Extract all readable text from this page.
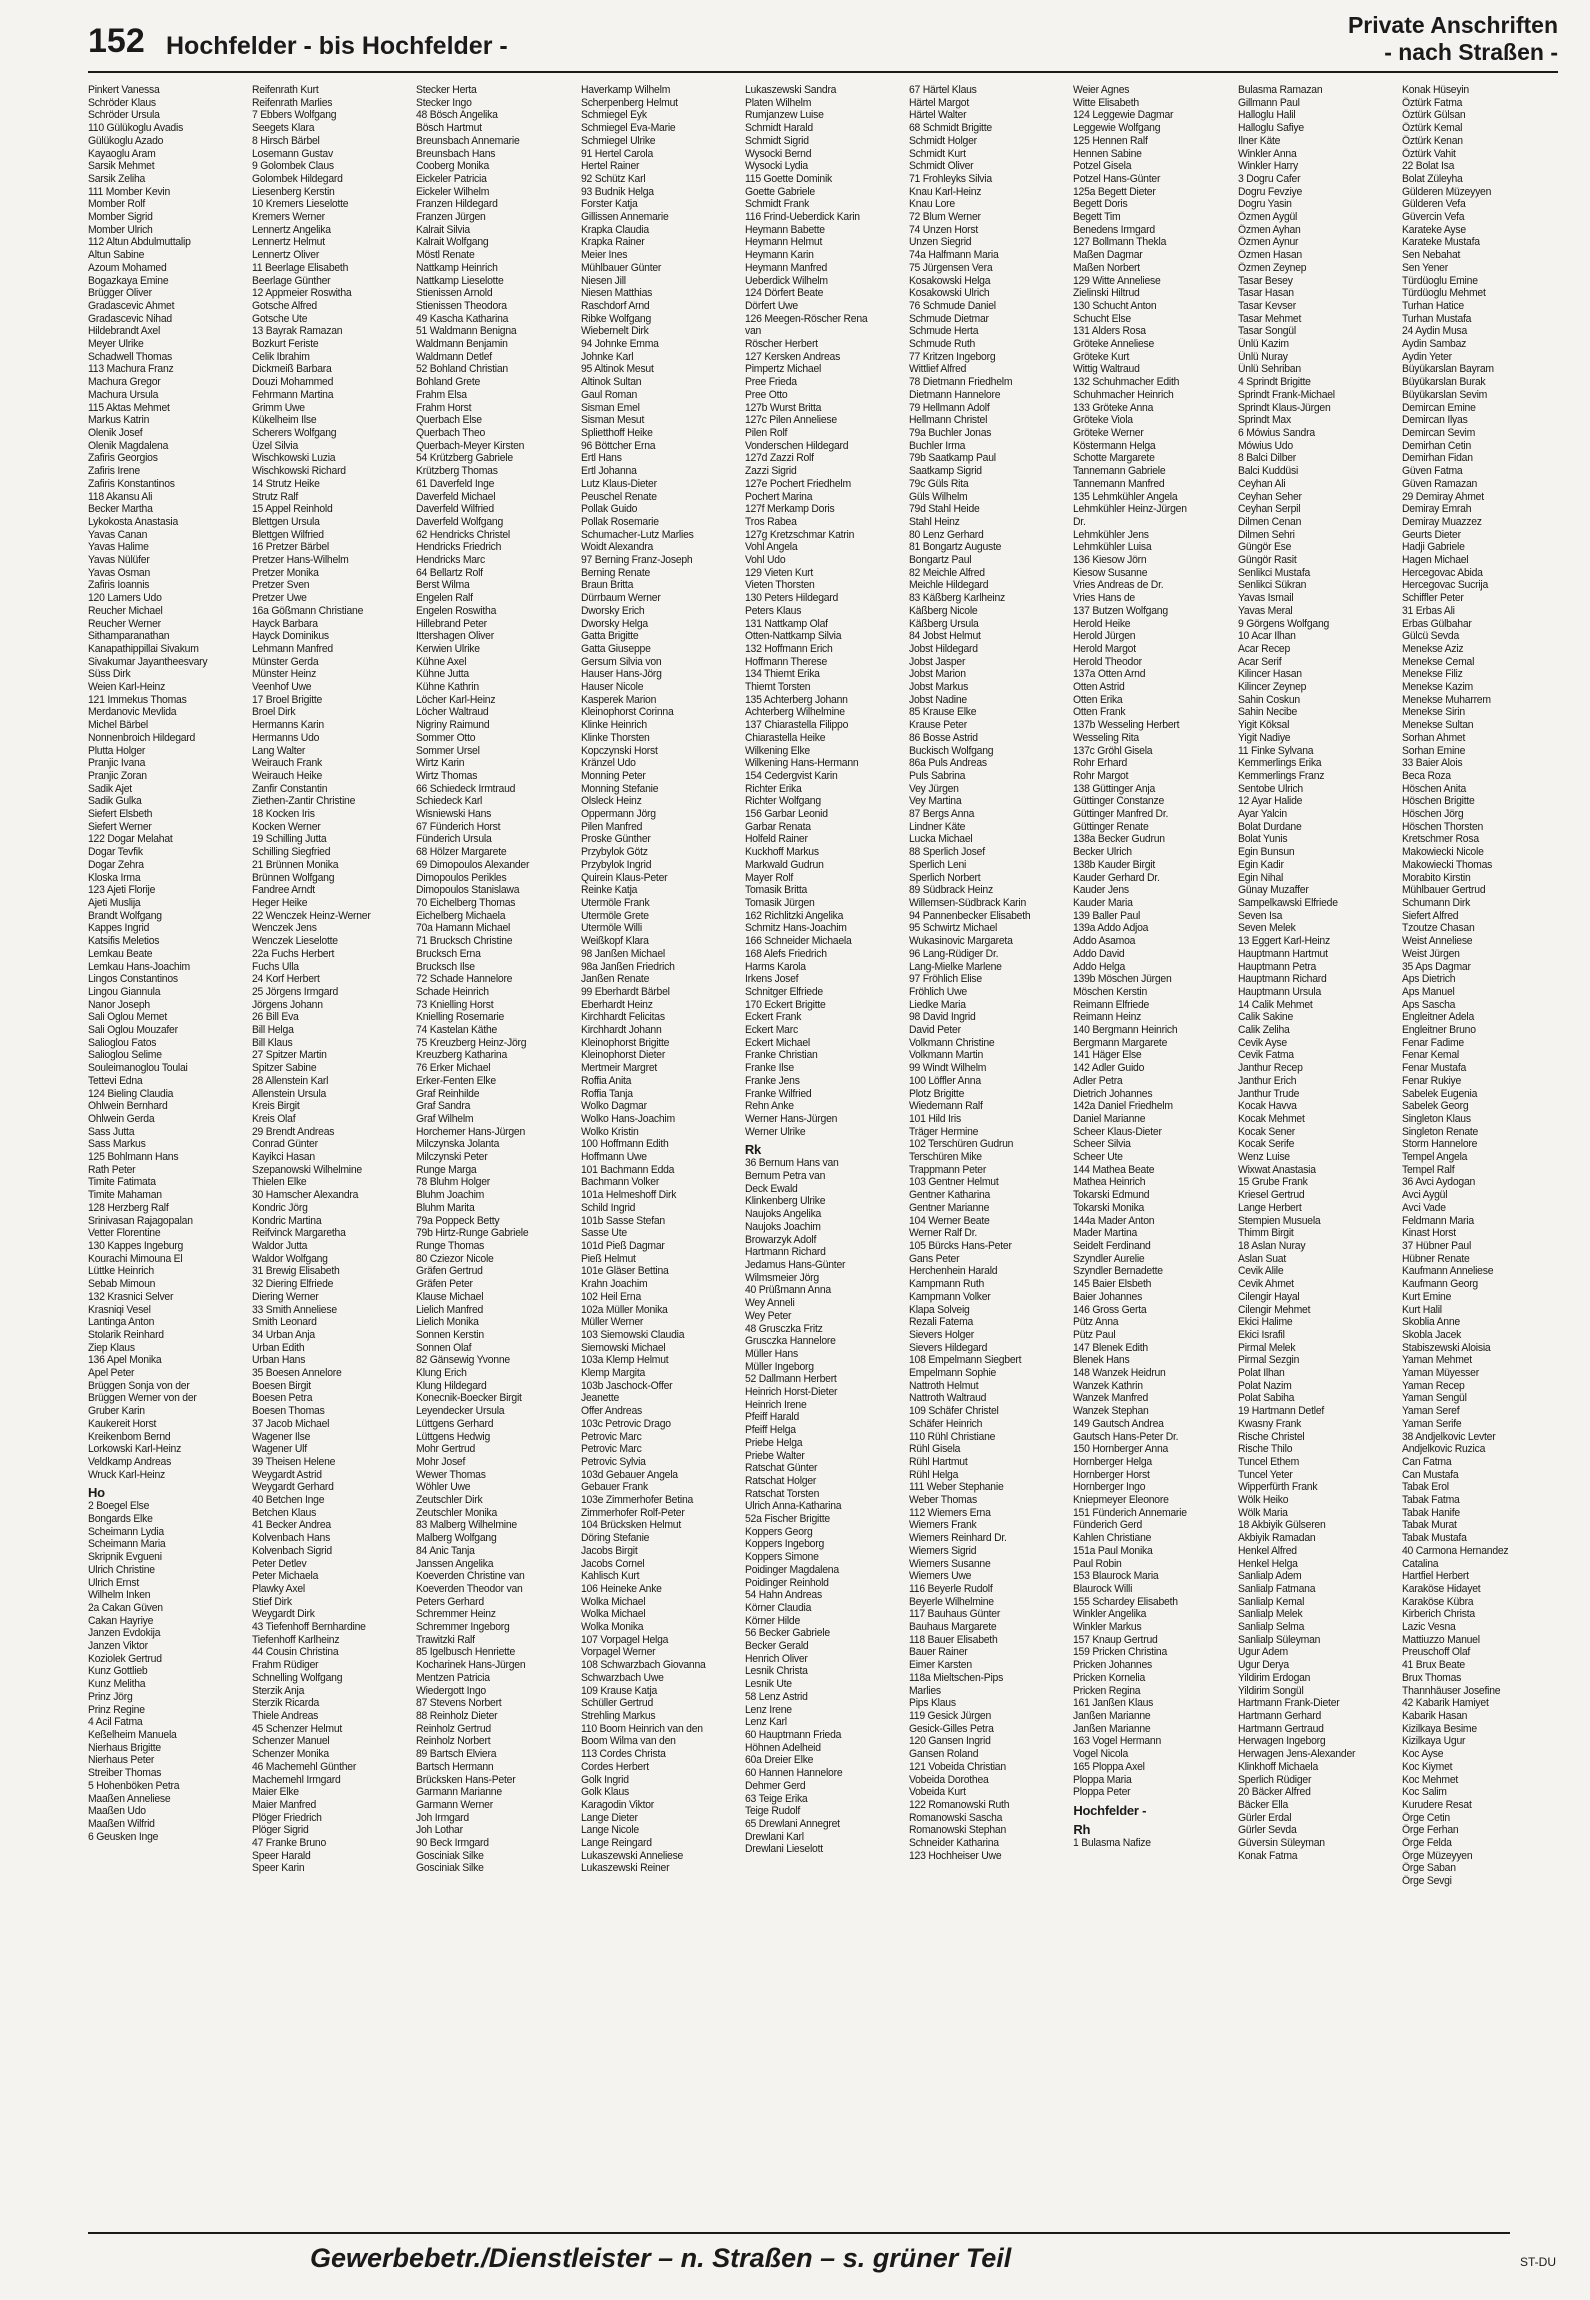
152 Hochfelder - bis Hochfelder -
Private Anschriften
- nach Straßen -
Pinkert Vanessa
Schröder Klaus
Schröder Ursula
110 Gülükoglu Avadis
Gülükoglu Azado
Kayaoglu Aram
Sarsik Mehmet
Sarsik Zeliha
111 Momber Kevin
Momber Rolf
Momber Sigrid
Momber Ulrich
112 Altun Abdulmuttalip
Altun Sabine
Azoum Mohamed
Bogazkaya Emine
Brügger Oliver
Gradascevic Ahmet
Gradascevic Nihad
Hildebrandt Axel
Meyer Ulrike
Schadwell Thomas
113 Machura Franz
Machura Gregor
Machura Ursula
115 Aktas Mehmet
Markus Katrin
Olenik Josef
Olenik Magdalena
Zafiris Georgios
Zafiris Irene
Zafiris Konstantinos
118 Akansu Ali
Becker Martha
Lykokosta Anastasia
Yavas Canan
Yavas Halime
Yavas Nülüfer
Yavas Osman
Zafiris Ioannis
120 Lamers Udo
Reucher Michael
Reucher Werner
Sithamparanathan
Kanapathippillai Sivakum
Sivakumar Jayantheesvary
Süss Dirk
Weien Karl-Heinz
121 Immekus Thomas
Merdanovic Mevlida
Michel Bärbel
Nonnenbroich Hildegard
Plutta Holger
Pranjic Ivana
Pranjic Zoran
Sadik Ajet
Sadik Gulka
Siefert Elsbeth
Siefert Werner
122 Dogar Melahat
Dogar Tevfik
Dogar Zehra
Kloska Irma
123 Ajeti Florije
Ajeti Muslija
Brandt Wolfgang
Kappes Ingrid
Katsifis Meletios
Lemkau Beate
Lemkau Hans-Joachim
Lingos Constantinos
Lingou Giannula
Nanor Joseph
Sali Oglou Memet
Sali Oglou Mouzafer
Salioglou Fatos
Salioglou Selime
Souleimanoglou Toulai
Tettevi Edna
124 Bieling Claudia
Ohlwein Bernhard
Ohlwein Gerda
Sass Jutta
Sass Markus
125 Bohlmann Hans
Rath Peter
Timite Fatimata
Timite Mahaman
128 Herzberg Ralf
Srinivasan Rajagopalan
Vetter Florentine
130 Kappes Ingeburg
Kourachi Mimouna El
Lüttke Heinrich
Sebab Mimoun
132 Krasnici Selver
Krasniqi Vesel
Lantinga Anton
Stolarik Reinhard
Ziep Klaus
136 Apel Monika
Apel Peter
Brüggen Sonja von der
Brüggen Werner von der
Gruber Karin
Kaukereit Horst
Kreikenbom Bernd
Lorkowski Karl-Heinz
Veldkamp Andreas
Wruck Karl-Heinz
Ho
2 Boegel Else
Bongards Elke
Scheimann Lydia
Scheimann Maria
Skripnik Evgueni
Ulrich Christine
Ulrich Ernst
Wilhelm Inken
2a Cakan Güven
Cakan Hayriye
Janzen Evdokija
Janzen Viktor
Koziolek Gertrud
Kunz Gottlieb
Kunz Melitha
Prinz Jörg
Prinz Regine
4 Acil Fatma
Keßelheim Manuela
Nierhaus Brigitte
Nierhaus Peter
Streiber Thomas
5 Hohenböken Petra
Maaßen Anneliese
Maaßen Udo
Maaßen Wilfrid
6 Geusken Inge
Reifenrath Kurt
Reifenrath Marlies
7 Ebbers Wolfgang
Seegets Klara
8 Hirsch Bärbel
Losemann Gustav
9 Golombek Claus
Golombek Hildegard
Liesenberg Kerstin
10 Kremers Lieselotte
Kremers Werner
Lennertz Angelika
Lennertz Helmut
Lennertz Oliver
11 Beerlage Elisabeth
Beerlage Günther
12 Appmeier Roswitha
Gotsche Alfred
Gotsche Ute
13 Bayrak Ramazan
Bozkurt Feriste
Celik Ibrahim
Dickmeiß Barbara
Douzi Mohammed
Fehrmann Martina
Grimm Uwe
Kükelheim Ilse
Scherers Wolfgang
Üzel Silvia
Wischkowski Luzia
Wischkowski Richard
14 Strutz Heike
Strutz Ralf
15 Appel Reinhold
Blettgen Ursula
Blettgen Wilfried
16 Pretzer Bärbel
Pretzer Hans-Wilhelm
Pretzer Monika
Pretzer Sven
Pretzer Uwe
16a Gößmann Christiane
Hayck Barbara
Hayck Dominikus
Lehmann Manfred
Münster Gerda
Münster Heinz
Veenhof Uwe
17 Broel Brigitte
Broel Dirk
Hermanns Karin
Hermanns Udo
Lang Walter
Weirauch Frank
Weirauch Heike
Zanfir Constantin
Ziethen-Zantir Christine
18 Kocken Iris
Kocken Werner
19 Schilling Jutta
Schilling Siegfried
21 Brünnen Monika
Brünnen Wolfgang
Fandree Arndt
Heger Heike
22 Wenczek Heinz-Werner
Wenczek Jens
Wenczek Lieselotte
22a Fuchs Herbert
Fuchs Ulla
24 Korf Herbert
25 Jörgens Irmgard
Jörgens Johann
26 Bill Eva
Bill Helga
Bill Klaus
27 Spitzer Martin
Spitzer Sabine
28 Allenstein Karl
Allenstein Ursula
Kreis Birgit
Kreis Olaf
29 Brendt Andreas
Conrad Günter
Kayikci Hasan
Szepanowski Wilhelmine
Thielen Elke
30 Hamscher Alexandra
Kondric Jörg
Kondric Martina
Reifvinck Margaretha
Waldor Jutta
Waldor Wolfgang
31 Brewig Elisabeth
32 Diering Elfriede
Diering Werner
33 Smith Anneliese
Smith Leonard
34 Urban Anja
Urban Edith
Urban Hans
35 Boesen Annelore
Boesen Birgit
Boesen Petra
Boesen Thomas
37 Jacob Michael
Wagener Ilse
Wagener Ulf
39 Theisen Helene
Weygardt Astrid
Weygardt Gerhard
40 Betchen Inge
Betchen Klaus
41 Becker Andrea
Kolvenbach Hans
Kolvenbach Sigrid
Peter Detlev
Peter Michaela
Plawky Axel
Stief Dirk
Weygardt Dirk
43 Tiefenhoff Bernhardine
Tiefenhoff Karlheinz
44 Cousin Christina
Frahm Rüdiger
Schnelling Wolfgang
Sterzik Anja
Sterzik Ricarda
Thiele Andreas
45 Schenzer Helmut
Schenzer Manuel
Schenzer Monika
46 Machemehl Günther
Machemehl Irmgard
Maier Elke
Maier Manfred
Plöger Friedrich
Plöger Sigrid
47 Franke Bruno
Speer Harald
Speer Karin
Stecker Herta
Stecker Ingo
48 Bösch Angelika
Bösch Hartmut
Breunsbach Annemarie
Breunsbach Hans
Cooberg Monika
Eickeler Patricia
Eickeler Wilhelm
Franzen Hildegard
Franzen Jürgen
Kalrait Silvia
Kalrait Wolfgang
Möstl Renate
Nattkamp Heinrich
Nattkamp Lieselotte
Stienissen Arnold
Stienissen Theodora
49 Kascha Katharina
51 Waldmann Benigna
Waldmann Benjamin
Waldmann Detlef
52 Bohland Christian
Bohland Grete
Frahm Elsa
Frahm Horst
Querbach Else
Querbach Theo
Querbach-Meyer Kirsten
54 Krützberg Gabriele
Krützberg Thomas
61 Daverfeld Inge
Daverfeld Michael
Daverfeld Wilfried
Daverfeld Wolfgang
62 Hendricks Christel
Hendricks Friedrich
Hendricks Marc
64 Bellartz Rolf
Berst Wilma
Engelen Ralf
Engelen Roswitha
Hillebrand Peter
Ittershagen Oliver
Kerwien Ulrike
Kühne Axel
Kühne Jutta
Kühne Kathrin
Löcher Karl-Heinz
Löcher Waltraud
Nigriny Raimund
Sommer Otto
Sommer Ursel
Wirtz Karin
Wirtz Thomas
66 Schiedeck Irmtraud
Schiedeck Karl
Wisniewski Hans
67 Fünderich Horst
Fünderich Ursula
68 Hölzer Margarete
69 Dimopoulos Alexander
Dimopoulos Perikles
Dimopoulos Stanislawa
70 Eichelberg Thomas
Eichelberg Michaela
70a Hamann Michael
71 Brucksch Christine
Brucksch Erna
Brucksch Ilse
72 Schade Hannelore
Schade Heinrich
73 Knielling Horst
Knielling Rosemarie
74 Kastelan Käthe
75 Kreuzberg Heinz-Jörg
Kreuzberg Katharina
76 Erker Michael
Erker-Fenten Elke
Graf Reinhilde
Graf Sandra
Graf Wilhelm
Horchemer Hans-Jürgen
Milczynska Jolanta
Milczynski Peter
Runge Marga
78 Bluhm Holger
Bluhm Joachim
Bluhm Marita
79a Poppeck Betty
79b Hirtz-Runge Gabriele
Runge Thomas
80 Cziezor Nicole
Gräfen Gertrud
Gräfen Peter
Klause Michael
Lielich Manfred
Lielich Monika
Sonnen Kerstin
Sonnen Olaf
82 Gänsewig Yvonne
Klung Erich
Klung Hildegard
Konecnik-Boecker Birgit
Leyendecker Ursula
Lüttgens Gerhard
Lüttgens Hedwig
Mohr Gertrud
Mohr Josef
Wewer Thomas
Wöhler Uwe
Zeutschler Dirk
Zeutschler Monika
83 Malberg Wilhelmine
Malberg Wolfgang
84 Anic Tanja
Janssen Angelika
Koeverden Christine van
Koeverden Theodor van
Peters Gerhard
Schremmer Heinz
Schremmer Ingeborg
Trawitzki Ralf
85 Igelbusch Henriette
Kocharinek Hans-Jürgen
Mentzen Patricia
Wiedergott Ingo
87 Stevens Norbert
88 Reinholz Dieter
Reinholz Gertrud
Reinholz Norbert
89 Bartsch Elviera
Bartsch Hermann
Brücksken Hans-Peter
Garmann Marianne
Garmann Werner
Joh Irmgard
Joh Lothar
90 Beck Irmgard
Gosciniak Silke
Gosciniak Silke
Haverkamp Wilhelm
Scherpenberg Helmut
Schmiegel Eyk
Schmiegel Eva-Marie
Schmiegel Ulrike
91 Hertel Carola
Hertel Rainer
92 Schütz Karl
93 Budnik Helga
Forster Katja
Gillissen Annemarie
Krapka Claudia
Krapka Rainer
Meier Ines
Mühlbauer Günter
Niesen Jill
Niesen Matthias
Raschdorf Arnd
Ribke Wolfgang
Wiebernelt Dirk
94 Johnke Emma
Johnke Karl
95 Altinok Mesut
Altinok Sultan
Gaul Roman
Sisman Emel
Sisman Mesut
Splietthoff Heike
96 Böttcher Erna
Ertl Hans
Ertl Johanna
Lutz Klaus-Dieter
Peuschel Renate
Pollak Guido
Pollak Rosemarie
Schumacher-Lutz Marlies
Woidt Alexandra
97 Berning Franz-Joseph
Berning Renate
Braun Britta
Dürrbaum Werner
Dworsky Erich
Dworsky Helga
Gatta Brigitte
Gatta Giuseppe
Gersum Silvia von
Hauser Hans-Jörg
Hauser Nicole
Kasperek Marion
Kleinophorst Corinna
Klinke Heinrich
Klinke Thorsten
Kopczynski Horst
Kränzel Udo
Monning Peter
Monning Stefanie
Olsleck Heinz
Oppermann Jörg
Pilen Manfred
Proske Günther
Przybylok Götz
Przybylok Ingrid
Quirein Klaus-Peter
Reinke Katja
Utermöle Frank
Utermöle Grete
Utermöle Willi
Weißkopf Klara
98 Janßen Michael
98a Janßen Friedrich
Janßen Renate
99 Eberhardt Bärbel
Eberhardt Heinz
Kirchhardt Felicitas
Kirchhardt Johann
Kleinophorst Brigitte
Kleinophorst Dieter
Mertmeir Margret
Roffia Anita
Roffia Tanja
Wolko Dagmar
Wolko Hans-Joachim
Wolko Kristin
100 Hoffmann Edith
Hoffmann Uwe
101 Bachmann Edda
Bachmann Volker
101a Helmeshoff Dirk
Schild Ingrid
101b Sasse Stefan
Sasse Ute
101d Pieß Dagmar
Pieß Helmut
101e Gläser Bettina
Krahn Joachim
102 Heil Erna
102a Müller Monika
Müller Werner
103 Siemowski Claudia
Siemowski Michael
103a Klemp Helmut
Klemp Margita
103b Jaschock-Offer
Jeanette
Offer Andreas
103c Petrovic Drago
Petrovic Marc
Petrovic Marc
Petrovic Sylvia
103d Gebauer Angela
Gebauer Frank
103e Zimmerhofer Betina
Zimmerhofer Rolf-Peter
104 Brücksken Helmut
Döring Stefanie
Jacobs Birgit
Jacobs Cornel
Kahlisch Kurt
106 Heineke Anke
Wolka Michael
Wolka Michael
Wolka Monika
107 Vorpagel Helga
Vorpagel Werner
108 Schwarzbach Giovanna
Schwarzbach Uwe
109 Krause Katja
Schüller Gertrud
Strehling Markus
110 Boom Heinrich van den
Boom Wilma van den
113 Cordes Christa
Cordes Herbert
Golk Ingrid
Golk Klaus
Karagodin Viktor
Lange Dieter
Lange Nicole
Lange Reingard
Lukaszewski Anneliese
Lukaszewski Reiner
Lukaszewski Sandra
Platen Wilhelm
Rumjanzew Luise
Schmidt Harald
Schmidt Sigrid
Wysocki Bernd
Wysocki Lydia
115 Goette Dominik
Goette Gabriele
Schmidt Frank
116 Frind-Ueberdick Karin
Heymann Babette
Heymann Helmut
Heymann Karin
Heymann Manfred
Ueberdick Wilhelm
124 Dörfert Beate
Dörfert Uwe
126 Meegen-Röscher Rena
van
Röscher Herbert
127 Kersken Andreas
Pimpertz Michael
Pree Frieda
Pree Otto
127b Wurst Britta
127c Pilen Anneliese
Pilen Rolf
Vonderschen Hildegard
127d Zazzi Rolf
Zazzi Sigrid
127e Pochert Friedhelm
Pochert Marina
127f Merkamp Doris
Tros Rabea
127g Kretzschmar Katrin
Vohl Angela
Vohl Udo
129 Vieten Kurt
Vieten Thorsten
130 Peters Hildegard
Peters Klaus
131 Nattkamp Olaf
Otten-Nattkamp Silvia
132 Hoffmann Erich
Hoffmann Therese
134 Thiemt Erika
Thiemt Torsten
135 Achterberg Johann
Achterberg Wilhelmine
137 Chiarastella Filippo
Chiarastella Heike
Wilkening Elke
Wilkening Hans-Hermann
154 Cedergvist Karin
Richter Erika
Richter Wolfgang
156 Garbar Leonid
Garbar Renata
Holfeld Rainer
Kuckhoff Markus
Markwald Gudrun
Mayer Rolf
Tomasik Britta
Tomasik Jürgen
162 Richlitzki Angelika
Schmitz Hans-Joachim
166 Schneider Michaela
168 Alefs Friedrich
Harms Karola
Irkens Josef
Schnitger Elfriede
170 Eckert Brigitte
Eckert Frank
Eckert Marc
Eckert Michael
Franke Christian
Franke Ilse
Franke Jens
Franke Wilfried
Rehn Anke
Werner Hans-Jürgen
Werner Ulrike
Rk
36 Bernum Hans van
Bernum Petra van
Deck Ewald
Klinkenberg Ulrike
Naujoks Angelika
Naujoks Joachim
Browarzyk Adolf
Hartmann Richard
Jedamus Hans-Günter
Wilmsmeier Jörg
40 Prüßmann Anna
Wey Anneli
Wey Peter
48 Grusczka Fritz
Grusczka Hannelore
Müller Hans
Müller Ingeborg
52 Dallmann Herbert
Heinrich Horst-Dieter
Heinrich Irene
Pfeiff Harald
Pfeiff Helga
Priebe Helga
Priebe Walter
Ratschat Günter
Ratschat Holger
Ratschat Torsten
Ulrich Anna-Katharina
52a Fischer Brigitte
Koppers Georg
Koppers Ingeborg
Koppers Simone
Poidinger Magdalena
Poidinger Reinhold
54 Hahn Andreas
Körner Claudia
Körner Hilde
56 Becker Gabriele
Becker Gerald
Henrich Oliver
Lesnik Christa
Lesnik Ute
58 Lenz Astrid
Lenz Irene
Lenz Karl
60 Hauptmann Frieda
Höhnen Adelheid
60a Dreier Elke
60 Hannen Hannelore
Dehmer Gerd
63 Teige Erika
Teige Rudolf
65 Drewlani Annegret
Drewlani Karl
Drewlani Lieselott
67 Härtel Klaus
Härtel Margot
Härtel Walter
68 Schmidt Brigitte
Schmidt Holger
Schmidt Kurt
Schmidt Oliver
71 Frohleyks Silvia
Knau Karl-Heinz
Knau Lore
72 Blum Werner
74 Unzen Horst
Unzen Siegrid
74a Halfmann Maria
75 Jürgensen Vera
Kosakowski Helga
Kosakowski Ulrich
76 Schmude Daniel
Schmude Dietmar
Schmude Herta
Schmude Ruth
77 Kritzen Ingeborg
Wittlief Alfred
78 Dietmann Friedhelm
Dietmann Hannelore
79 Hellmann Adolf
Hellmann Christel
79a Buchler Jonas
Buchler Irma
79b Saatkamp Paul
Saatkamp Sigrid
79c Güls Rita
Güls Wilhelm
79d Stahl Heide
Stahl Heinz
80 Lenz Gerhard
81 Bongartz Auguste
Bongartz Paul
82 Meichle Alfred
Meichle Hildegard
83 Käßberg Karlheinz
Käßberg Nicole
Käßberg Ursula
84 Jobst Helmut
Jobst Hildegard
Jobst Jasper
Jobst Marion
Jobst Markus
Jobst Nadine
85 Krause Elke
Krause Peter
86 Bosse Astrid
Buckisch Wolfgang
86a Puls Andreas
Puls Sabrina
Vey Jürgen
Vey Martina
87 Bergs Anna
Lindner Käte
Lucka Michael
88 Sperlich Josef
Sperlich Leni
Sperlich Norbert
89 Südbrack Heinz
Willemsen-Südbrack Karin
94 Pannenbecker Elisabeth
95 Schwirtz Michael
Wukasinovic Margareta
96 Lang-Rüdiger Dr.
Lang-Mielke Marlene
97 Fröhlich Elise
Fröhlich Uwe
Liedke Maria
98 David Ingrid
David Peter
Volkmann Christine
Volkmann Martin
99 Windt Wilhelm
100 Löffler Anna
Plotz Brigitte
Wiedemann Ralf
101 Hild Iris
Träger Hermine
102 Terschüren Gudrun
Terschüren Mike
Trappmann Peter
103 Gentner Helmut
Gentner Katharina
Gentner Marianne
104 Werner Beate
Werner Ralf Dr.
105 Bürcks Hans-Peter
Gans Peter
Herchenhein Harald
Kampmann Ruth
Kampmann Volker
Klapa Solveig
Rezali Fatema
Sievers Holger
Sievers Hildegard
108 Empelmann Siegbert
Empelmann Sophie
Nattroth Helmut
Nattroth Waltraud
109 Schäfer Christel
Schäfer Heinrich
110 Rühl Christiane
Rühl Gisela
Rühl Hartmut
Rühl Helga
111 Weber Stephanie
Weber Thomas
112 Wiemers Erna
Wiemers Frank
Wiemers Reinhard Dr.
Wiemers Sigrid
Wiemers Susanne
Wiemers Uwe
116 Beyerle Rudolf
Beyerle Wilhelmine
117 Bauhaus Günter
Bauhaus Margarete
118 Bauer Elisabeth
Bauer Rainer
Eimer Karsten
118a Mieltschen-Pips
Marlies
Pips Klaus
119 Gesick Jürgen
Gesick-Gilles Petra
120 Gansen Ingrid
Gansen Roland
121 Vobeida Christian
Vobeida Dorothea
Vobeida Kurt
122 Romanowski Ruth
Romanowski Sascha
Romanowski Stephan
Schneider Katharina
123 Hochheiser Uwe
Weier Agnes
Witte Elisabeth
124 Leggewie Dagmar
Leggewie Wolfgang
125 Hennen Ralf
Hennen Sabine
Potzel Gisela
Potzel Hans-Günter
125a Begett Dieter
Begett Doris
Begett Tim
Benedens Irmgard
127 Bollmann Thekla
Maßen Dagmar
Maßen Norbert
129 Witte Anneliese
Zielinski Hiltrud
130 Schucht Anton
Schucht Else
131 Alders Rosa
Gröteke Anneliese
Gröteke Kurt
Wittig Waltraud
132 Schuhmacher Edith
Schuhmacher Heinrich
133 Gröteke Anna
Gröteke Viola
Gröteke Werner
Köstermann Helga
Schotte Margarete
Tannemann Gabriele
Tannemann Manfred
135 Lehmkühler Angela
Lehmkühler Heinz-Jürgen
Dr.
Lehmkühler Jens
Lehmkühler Luisa
136 Kiesow Jörn
Kiesow Susanne
Vries Andreas de Dr.
Vries Hans de
137 Butzen Wolfgang
Herold Heike
Herold Jürgen
Herold Margot
Herold Theodor
137a Otten Arnd
Otten Astrid
Otten Erika
Otten Frank
137b Wesseling Herbert
Wesseling Rita
137c Gröhl Gisela
Rohr Erhard
Rohr Margot
138 Güttinger Anja
Güttinger Constanze
Güttinger Manfred Dr.
Güttinger Renate
138a Becker Gudrun
Becker Ulrich
138b Kauder Birgit
Kauder Gerhard Dr.
Kauder Jens
Kauder Maria
139 Baller Paul
139a Addo Adjoa
Addo Asamoa
Addo David
Addo Helga
139b Möschen Jürgen
Möschen Kerstin
Reimann Elfriede
Reimann Heinz
140 Bergmann Heinrich
Bergmann Margarete
141 Häger Else
142 Adler Guido
Adler Petra
Dietrich Johannes
142a Daniel Friedhelm
Daniel Marianne
Scheer Klaus-Dieter
Scheer Silvia
Scheer Ute
144 Mathea Beate
Mathea Heinrich
Tokarski Edmund
Tokarski Monika
144a Mader Anton
Mader Martina
Seidelt Ferdinand
Szyndler Aurelie
Szyndler Bernadette
145 Baier Elsbeth
Baier Johannes
146 Gross Gerta
Pütz Anna
Pütz Paul
147 Blenek Edith
Blenek Hans
148 Wanzek Heidrun
Wanzek Kathrin
Wanzek Manfred
Wanzek Stephan
149 Gautsch Andrea
Gautsch Hans-Peter Dr.
150 Hornberger Anna
Hornberger Helga
Hornberger Horst
Hornberger Ingo
Kniepmeyer Eleonore
151 Fünderich Annemarie
Fünderich Gerd
Kahlen Christiane
151a Paul Monika
Paul Robin
153 Blaurock Maria
Blaurock Willi
155 Schardey Elisabeth
Winkler Angelika
Winkler Markus
157 Knaup Gertrud
159 Pricken Christina
Pricken Johannes
Pricken Kornelia
Pricken Regina
161 Janßen Klaus
Janßen Marianne
Janßen Marianne
163 Vogel Hermann
Vogel Nicola
165 Ploppa Axel
Ploppa Maria
Ploppa Peter
Hochfelder -
Rh
1 Bulasma Nafize
Bulasma Ramazan
Gillmann Paul
Halloglu Halil
Halloglu Safiye
Ilner Käte
Winkler Anna
Winkler Harry
3 Dogru Cafer
Dogru Fevziye
Dogru Yasin
Özmen Aygül
Özmen Ayhan
Özmen Aynur
Özmen Hasan
Özmen Zeynep
Tasar Besey
Tasar Hasan
Tasar Kevser
Tasar Mehmet
Tasar Songül
Ünlü Kazim
Ünlü Nuray
Ünlü Sehriban
4 Sprindt Brigitte
Sprindt Frank-Michael
Sprindt Klaus-Jürgen
Sprindt Max
6 Mówius Sandra
Mówius Udo
8 Balci Dilber
Balci Kuddüsi
Ceyhan Ali
Ceyhan Seher
Ceyhan Serpil
Dilmen Cenan
Dilmen Sehri
Güngör Ese
Güngör Rasit
Senlikci Mustafa
Senlikci Sükran
Yavas Ismail
Yavas Meral
9 Görgens Wolfgang
10 Acar Ilhan
Acar Recep
Acar Serif
Kilincer Hasan
Kilincer Zeynep
Sahin Coskun
Sahin Necibe
Yigit Köksal
Yigit Nadiye
11 Finke Sylvana
Kemmerlings Erika
Kemmerlings Franz
Sentobe Ulrich
12 Ayar Halide
Ayar Yalcin
Bolat Durdane
Bolat Yunis
Egin Bunsun
Egin Kadir
Egin Nihal
Günay Muzaffer
Sampelkawski Elfriede
Seven Isa
Seven Melek
13 Eggert Karl-Heinz
Hauptmann Hartmut
Hauptmann Petra
Hauptmann Richard
Hauptmann Ursula
14 Calik Mehmet
Calik Sakine
Calik Zeliha
Cevik Ayse
Cevik Fatma
Janthur Recep
Janthur Erich
Janthur Trude
Kocak Havva
Kocak Mehmet
Kocak Sener
Kocak Serife
Wenz Luise
Wixwat Anastasia
15 Grube Frank
Kriesel Gertrud
Lange Herbert
Stempien Musuela
Thimm Birgit
18 Aslan Nuray
Aslan Suat
Cevik Alile
Cevik Ahmet
Cilengir Hayal
Cilengir Mehmet
Ekici Halime
Ekici Israfil
Pirmal Melek
Pirmal Sezgin
Polat Ilhan
Polat Nazim
Polat Sabiha
19 Hartmann Detlef
Kwasny Frank
Rische Christel
Rische Thilo
Tuncel Ethem
Tuncel Yeter
Wipperfürth Frank
Wölk Heiko
Wölk Maria
18 Akbiyik Gülseren
Akbiyik Ramadan
Henkel Alfred
Henkel Helga
Sanlialp Adem
Sanlialp Fatmana
Sanlialp Kemal
Sanlialp Melek
Sanlialp Selma
Sanlialp Süleyman
Ugur Adem
Ugur Derya
Yildirim Erdogan
Yildirim Songül
Hartmann Frank-Dieter
Hartmann Gerhard
Hartmann Gertraud
Herwagen Ingeborg
Herwagen Jens-Alexander
Klinkhoff Michaela
Sperlich Rüdiger
20 Bäcker Alfred
Bäcker Ella
Gürler Erdal
Gürler Sevda
Güversin Süleyman
Konak Fatma
Konak Hüseyin
Öztürk Fatma
Öztürk Gülsan
Öztürk Kemal
Öztürk Kenan
Öztürk Vahit
22 Bolat Isa
Bolat Züleyha
Gülderen Müzeyyen
Gülderen Vefa
Güvercin Vefa
Karateke Ayse
Karateke Mustafa
Sen Nebahat
Sen Yener
Türdüoglu Emine
Türdüoglu Mehmet
Turhan Hatice
Turhan Mustafa
24 Aydin Musa
Aydin Sambaz
Aydin Yeter
Büyükarslan Bayram
Büyükarslan Burak
Büyükarslan Sevim
Demircan Emine
Demircan Ilyas
Demircan Sevim
Demirhan Cetin
Demirhan Fidan
Güven Fatma
Güven Ramazan
29 Demiray Ahmet
Demiray Emrah
Demiray Muazzez
Geurts Dieter
Hadji Gabriele
Hagen Michael
Hercegovac Abida
Hercegovac Sucrija
Schiffler Peter
31 Erbas Ali
Erbas Gülbahar
Gülcü Sevda
Menekse Aziz
Menekse Cemal
Menekse Filiz
Menekse Kazim
Menekse Muharrem
Menekse Sirin
Menekse Sultan
Sorhan Ahmet
Sorhan Emine
33 Baier Alois
Beca Roza
Höschen Anita
Höschen Brigitte
Höschen Jörg
Höschen Thorsten
Kretschmer Rosa
Makowiecki Nicole
Makowiecki Thomas
Morabito Kirstin
Mühlbauer Gertrud
Schumann Dirk
Siefert Alfred
Tzoutze Chasan
Weist Anneliese
Weist Jürgen
35 Aps Dagmar
Aps Dietrich
Aps Manuel
Aps Sascha
Engleitner Adela
Engleitner Bruno
Fenar Fadime
Fenar Kemal
Fenar Mustafa
Fenar Rukiye
Sabelek Eugenia
Sabelek Georg
Singleton Klaus
Singleton Renate
Storm Hannelore
Tempel Angela
Tempel Ralf
36 Avci Aydogan
Avci Aygül
Avci Vade
Feldmann Maria
Kinast Horst
37 Hübner Paul
Hübner Renate
Kaufmann Anneliese
Kaufmann Georg
Kurt Emine
Kurt Halil
Skoblia Anne
Skobla Jacek
Stabiszewski Aloisia
Yaman Mehmet
Yaman Müyesser
Yaman Recep
Yaman Sengül
Yaman Seref
Yaman Serife
38 Andjelkovic Levter
Andjelkovic Ruzica
Can Fatma
Can Mustafa
Tabak Erol
Tabak Fatma
Tabak Hanife
Tabak Murat
Tabak Mustafa
40 Carmona Hernandez
Catalina
Hartfiel Herbert
Karaköse Hidayet
Karaköse Kübra
Kirberich Christa
Lazic Vesna
Mattiuzzo Manuel
Preuschoff Olaf
41 Brux Beate
Brux Thomas
Thannhäuser Josefine
42 Kabarik Hamiyet
Kabarik Hasan
Kizilkaya Besime
Kizilkaya Ugur
Koc Ayse
Koc Kiymet
Koc Mehmet
Koc Salim
Kurudere Resat
Örge Cetin
Örge Ferhan
Örge Felda
Örge Müzeyyen
Örge Saban
Örge Sevgi
Gewerbebetr./Dienstleister – n. Straßen – s. grüner Teil	ST-DU
